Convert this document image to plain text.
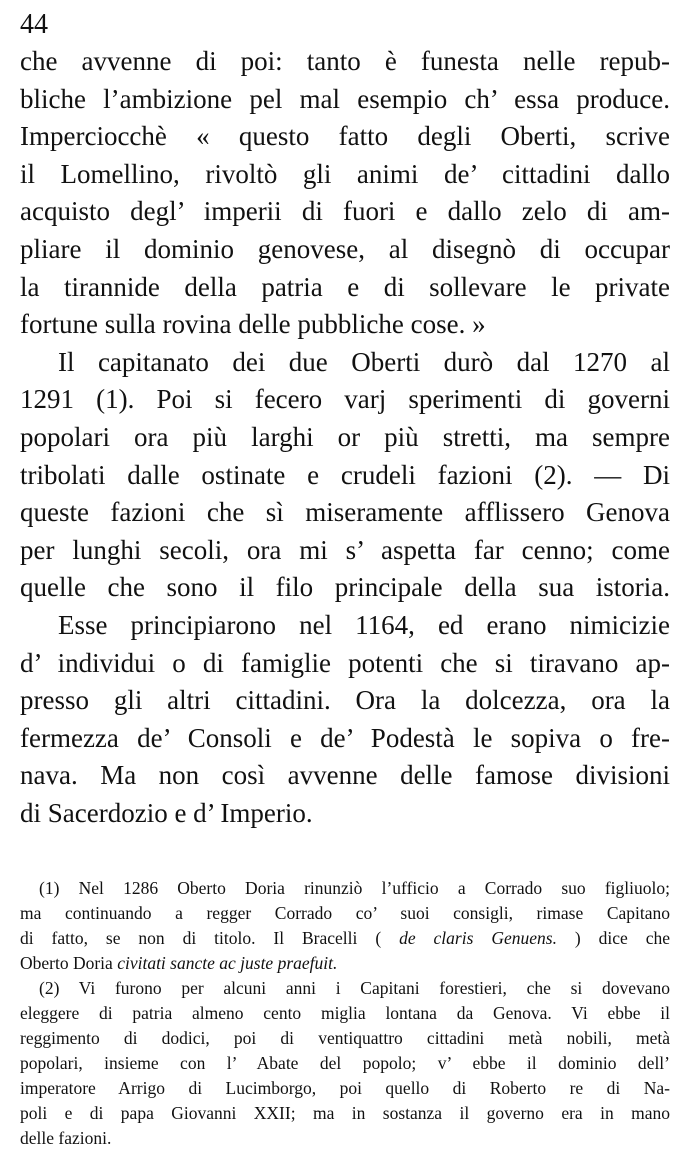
44
che avvenne di poi: tanto è funesta nelle repub-
bliche l’ambizione pel mal esempio ch’ essa produce.
Imperciocchè « questo fatto degli Oberti, scrive
il Lomellino, rivoltò gli animi de’ cittadini dallo
acquisto degl’ imperii di fuori e dallo zelo di am-
pliare il dominio genovese, al disegnò di occupar
la tirannide della patria e di sollevare le private
fortune sulla rovina delle pubbliche cose. »
Il capitanato dei due Oberti durò dal 1270 al
1291 (1). Poi si fecero varj sperimenti di governi
popolari ora più larghi or più stretti, ma sempre
tribolati dalle ostinate e crudeli fazioni (2). — Di
queste fazioni che sì miseramente afflissero Genova
per lunghi secoli, ora mi s’ aspetta far cenno; come
quelle che sono il filo principale della sua istoria.
Esse principiarono nel 1164, ed erano nimicizie
d’ individui o di famiglie potenti che si tiravano ap-
presso gli altri cittadini. Ora la dolcezza, ora la
fermezza de’ Consoli e de’ Podestà le sopiva o fre-
nava. Ma non così avvenne delle famose divisioni
di Sacerdozio e d’ Imperio.
(1) Nel 1286 Oberto Doria rinunziò l’ufficio a Corrado suo figliuolo;
ma continuando a regger Corrado co’ suoi consigli, rimase Capitano
di fatto, se non di titolo. Il Bracelli ( de claris Genuens. ) dice che
Oberto Doria civitati sancte ac juste praefuit.
(2) Vi furono per alcuni anni i Capitani forestieri, che si dovevano
eleggere di patria almeno cento miglia lontana da Genova. Vi ebbe il
reggimento di dodici, poi di ventiquattro cittadini metà nobili, metà
popolari, insieme con l’ Abate del popolo; v’ ebbe il dominio dell’
imperatore Arrigo di Lucimborgo, poi quello di Roberto re di Na-
poli e di papa Giovanni XXII; ma in sostanza il governo era in mano
delle fazioni.
